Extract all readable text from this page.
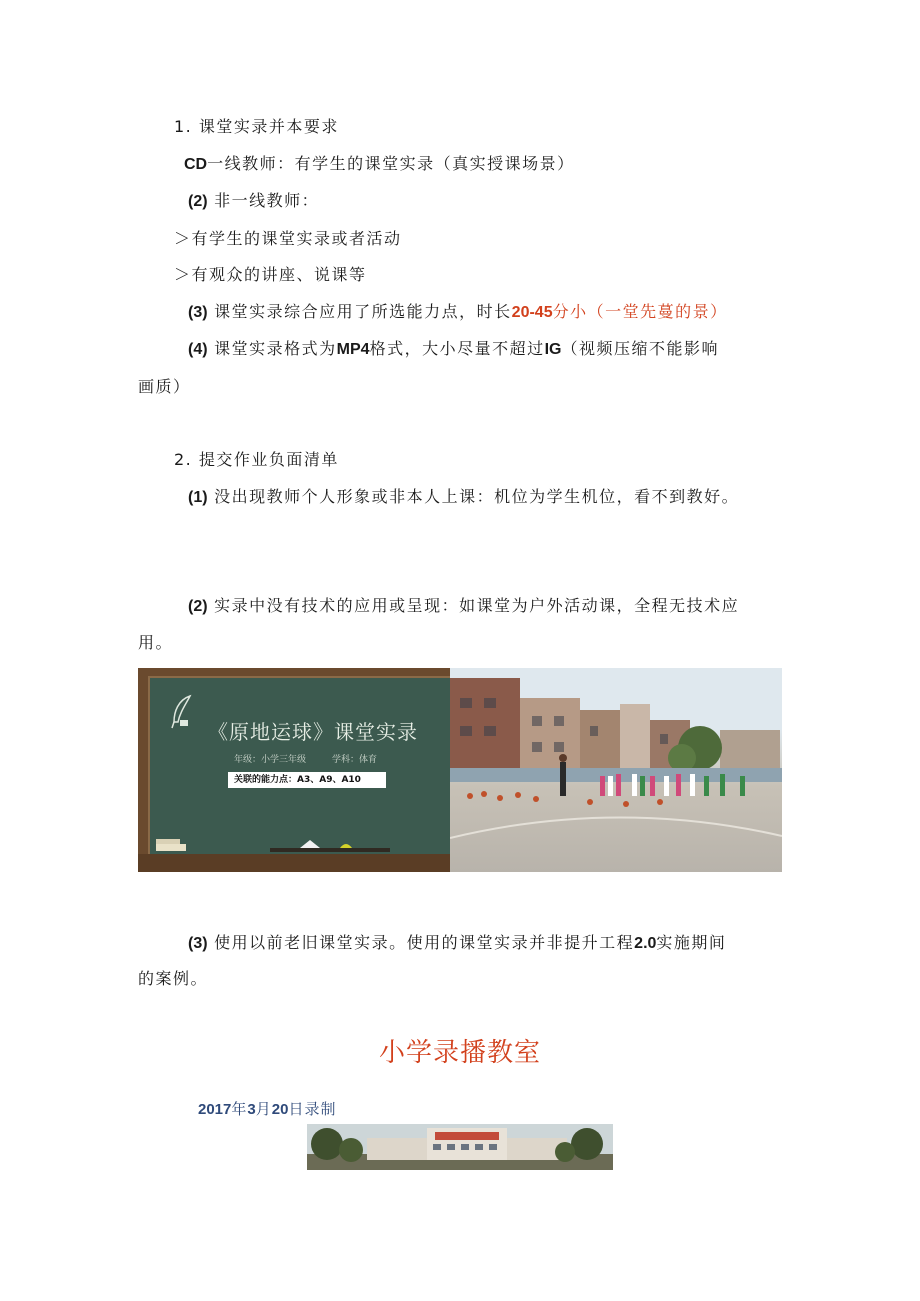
1. 课堂实录并本要求
CD一线教师：有学生的课堂实录（真实授课场景）
(2) 非一线教师：
＞有学生的课堂实录或者活动
＞有观众的讲座、说课等
(3) 课堂实录综合应用了所选能力点，时长20-45分小（一堂先蔓的景）
(4) 课堂实录格式为MP4格式，大小尽量不超过IG（视频压缩不能影响
画质）
2. 提交作业负面清单
(1) 没出现教师个人形象或非本人上课：机位为学生机位，看不到教好。
(2) 实录中没有技术的应用或呈现：如课堂为户外活动课，全程无技术应
用。
《原地运球》课堂实录
年级：小学三年级	学科：体育
关联的能力点：A3、A9、A10
(3) 使用以前老旧课堂实录。使用的课堂实录并非提升工程2.0实施期间
的案例。
小学录播教室
2017年3月20日录制
